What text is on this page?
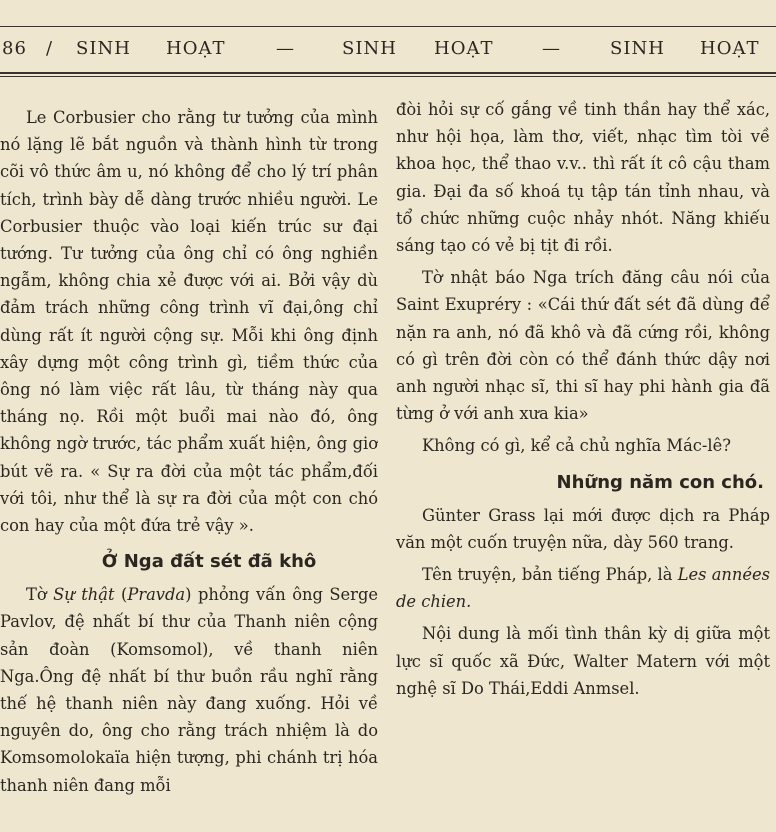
86 / SINH HOẠT	—	SINH HOẠT	—	SINH HOẠT

Le Corbusier cho rằng tư tưởng của mình nó lặng lẽ bắt nguồn và thành hình từ trong cõi vô thức âm u, nó không để cho lý trí phân tích, trình bày dễ dàng trước nhiều người. Le Corbusier thuộc vào loại kiến trúc sư đại tướng. Tư tưởng của ông chỉ có ông nghiền ngẫm, không chia xẻ được với ai. Bởi vậy dù đảm trách những công trình vĩ đại,ông chỉ dùng rất ít người cộng sự. Mỗi khi ông định xây dựng một công trình gì, tiềm thức của ông nó làm việc rất lâu, từ tháng này qua tháng nọ. Rồi một buổi mai nào đó, ông không ngờ trước, tác phẩm xuất hiện, ông giơ bút vẽ ra. « Sự ra đời của một tác phẩm,đối với tôi, như thể là sự ra đời của một con chó con hay của một đứa trẻ vậy ».

Ở Nga đất sét đã khô

Tờ Sự thật (Pravda) phỏng vấn ông Serge Pavlov, đệ nhất bí thư của Thanh niên cộng sản đoàn (Komsomol), về thanh niên Nga.Ông đệ nhất bí thư buồn rầu nghĩ rằng thế hệ thanh niên này đang xuống. Hỏi về nguyên do, ông cho rằng trách nhiệm là do Komsomolokaïa hiện tượng, phi chánh trị hóa thanh niên đang mỗi

đòi hỏi sự cố gắng về tinh thần hay thể xác, như hội họa, làm thơ, viết, nhạc tìm tòi về khoa học, thể thao v.v.. thì rất ít cô cậu tham gia. Đại đa số khoá tụ tập tán tỉnh nhau, và tổ chức những cuộc nhảy nhót. Năng khiếu sáng tạo có vẻ bị tịt đi rồi.

Tờ nhật báo Nga trích đăng câu nói của Saint Exupréry : «Cái thứ đất sét đã dùng để nặn ra anh, nó đã khô và đã cứng rồi, không có gì trên đời còn có thể đánh thức dậy nơi anh người nhạc sĩ, thi sĩ hay phi hành gia đã từng ở với anh xưa kia»

Không có gì, kể cả chủ nghĩa Mác-lê?

Những năm con chó.

Günter Grass lại mới được dịch ra Pháp văn một cuốn truyện nữa, dày 560 trang.

Tên truyện, bản tiếng Pháp, là Les années de chien.

Nội dung là mối tình thân kỳ dị giữa một lực sĩ quốc xã Đức, Walter Matern với một nghệ sĩ Do Thái,Eddi Anmsel.
